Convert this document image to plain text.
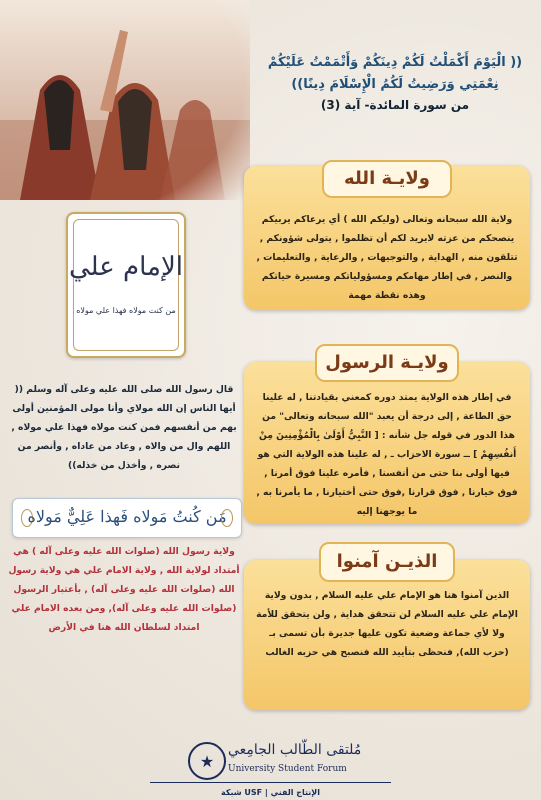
(( الْيَوْمَ أَكْمَلْتُ لَكُمْ دِينَكُمْ وَأَتْمَمْتُ عَلَيْكُمْ
نِعْمَتِي وَرَضِيتُ لَكُمُ الْإِسْلَامَ دِينًا))
من سورة المائدة- آية (3)
الإمام علي
من كنت مولاه فهذا علي مولاه
ولايـة الله
ولاية الله سبحانه وتعالى (وليكم الله ) أي يرعاكم يربيكم ينصحكم من عزته لايريد لكم أن تظلموا , يتولى شؤونكم , تتلقون منه , الهداية , والتوجيهات , والرعاية , والتعليمات , والنصر , في إطار مهامكم ومسؤولياتكم ومسيرة حياتكم وهذه نقطة مهمة
قال رسول الله صلى الله عليه وعلى آله وسلم (( أيها الناس إن الله مولاي وأنا مولى المؤمنين أولى بهم من أنفسهم فمن كنت مولاه فهذا علي مولاه , اللهم وال من والاه , وعاد من عاداه , وأنصر من نصره , وأخذل من خذله))
ولايـة الرسول
في إطار هذه الولاية يمتد دوره كمعني بقيادتنا , له علينا حق الطاعة , إلى درجة أن يعبد "الله سبحانه وتعالى" من هذا الدور في قوله جل شأنه : [ النَّبِيُّ أَوْلَىٰ بِالْمُؤْمِنِينَ مِنْ أَنفُسِهِمْ ] ــ سورة الاحزاب ـ , له علينا هذه الولاية التي هو فيها أولى بنا حتى من أنفسنا , فأمره علينا فوق أمرنا , فوق خيارنا , فوق قرارنا ,فوق حتى أختيارنا , ما يأمرنا به , ما يوجهنا إليه
مَن كُنتُ مَولاه فَهذا عَلِيٌّ مَولاه
ولاية رسول الله (صلوات الله عليه وعلى آله ) هي أمتداد لولاية الله , ولاية الامام علي هي ولاية رسول الله (صلوات الله عليه وعلى آله) , بأعتبار الرسول (صلوات الله عليه وعلى آله), ومن بعده الامام علي امتداد لسلطان الله هنا في الأرض
الذيـن آمنوا
الذين آمنوا هنا هو الإمام علي عليه السلام , بدون ولاية الإمام علي عليه السلام لن تتحقق هداية , ولن يتحقق للأمة ولا لأي جماعة وضعية تكون عليها جديرة بأن تسمى بـ (حزب الله), فنحظى بتأييد الله فنصبح هي حزبه الغالب
★
مُلتقى الطّالب الجامِعي
University Student Forum
الإنتاج الفني | USF شبكة
